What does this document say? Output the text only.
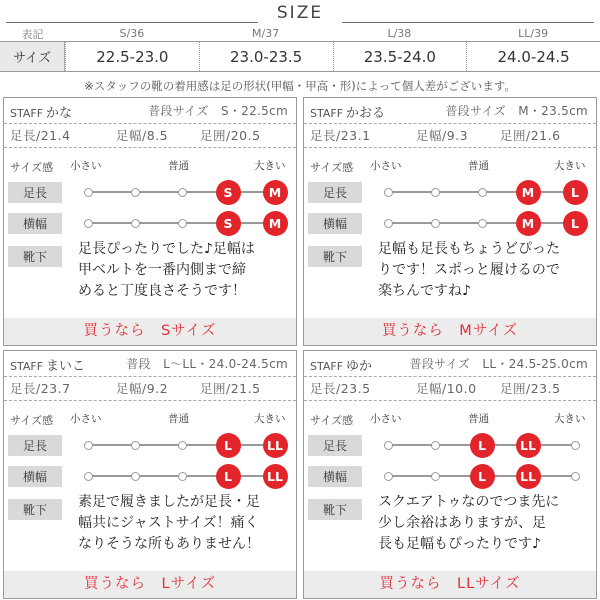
SIZE
表記	S/36	M/37	L/38	LL/39
サイズ	22.5-23.0	23.0-23.5	23.5-24.0	24.0-24.5
※スタッフの靴の着用感は足の形状(甲幅・甲高・形)によって個人差がございます。
STAFF かな	普段サイズ　S・22.5cm
足長/21.4	足幅/8.5	足囲/20.5
サイズ感 小さい	普通	大きい
足長	S	M
横幅	S	M
靴下	足長ぴったりでした♪足幅は
甲ベルトを一番内側まで締
めると丁度良さそうです！
買うなら　Sサイズ
STAFF かおる	普段サイズ　M・23.5cm
足長/23.1	足幅/9.3	足囲/21.6
サイズ感 小さい	普通	大きい
足長	M	L
横幅	M	L
靴下	足幅も足長もちょうどぴった
りです！スポっと履けるので
楽ちんですね♪
買うなら　Mサイズ
STAFF まいこ	普段　L〜LL・24.0-24.5cm
足長/23.7	足幅/9.2	足囲/21.5
サイズ感 小さい	普通	大きい
足長	L	LL
横幅	L	LL
靴下	素足で履きましたが足長・足
幅共にジャストサイズ！痛く
なりそうな所もありません！
買うなら　Lサイズ
STAFF ゆか	普段サイズ　LL・24.5-25.0cm
足長/23.5	足幅/10.0 足囲/23.5
サイズ感 小さい	普通	大きい
足長	L	LL
横幅	L	LL
靴下	スクエアトゥなのでつま先に
少し余裕はありますが、足
長も足幅もぴったりです♪
買うなら　LLサイズ
